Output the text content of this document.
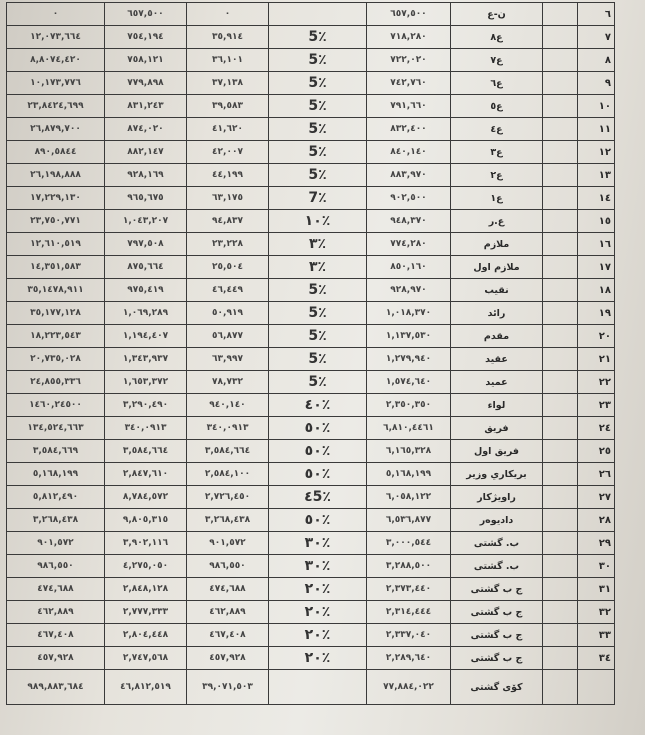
٠	٦٥٧,٥٠٠	٠		٦٥٧,٥٠٠	ن-ع		٦
١٢,٠٧٣,٦٦٤	٧٥٤,١٩٤	٣٥,٩١٤	5٪	٧١٨,٢٨٠	ع٨		٧
٨,٨٠٧٤,٤٢٠	٧٥٨,١٢١	٣٦,١٠١	5٪	٧٢٢,٠٢٠	ع٧		٨
١٠,١٧٣,٧٧٦	٧٧٩,٨٩٨	٣٧,١٣٨	5٪	٧٤٢,٧٦٠	ع٦		٩
٢٣,٨٤٢٤,٦٩٩	٨٣١,٢٤٣	٣٩,٥٨٣	5٪	٧٩١,٦٦٠	ع٥		١٠
٢٦,٨٧٩,٧٠٠	٨٧٤,٠٢٠	٤١,٦٢٠	5٪	٨٣٢,٤٠٠	ع٤		١١
٨٩٠,٥٨٤٤	٨٨٢,١٤٧	٤٢,٠٠٧	5٪	٨٤٠,١٤٠	ع٣		١٢
٢٦,١٩٨,٨٨٨	٩٢٨,١٦٩	٤٤,١٩٩	5٪	٨٨٣,٩٧٠	ع٢		١٣
١٧,٢٢٩,١٣٠	٩٦٥,٦٧٥	٦٣,١٧٥	7٪	٩٠٢,٥٠٠	ع١		١٤
٢٣,٧٥٠,٧٧١	١,٠٤٣,٢٠٧	٩٤,٨٣٧	١٠٪	٩٤٨,٣٧٠	ع.ر		١٥
١٢,٦١٠,٥١٩	٧٩٧,٥٠٨	٢٣,٢٢٨	٣٪	٧٧٤,٢٨٠	ملازم		١٦
١٤,٣٥١,٥٨٣	٨٧٥,٦٦٤	٢٥,٥٠٤	٣٪	٨٥٠,١٦٠	ملازم اول		١٧
٣٥,١٤٧٨,٩١١	٩٧٥,٤١٩	٤٦,٤٤٩	5٪	٩٢٨,٩٧٠	نقيب		١٨
٣٥,١٧٧,١٢٨	١,٠٦٩,٢٨٩	٥٠,٩١٩	5٪	١,٠١٨,٣٧٠	رائد		١٩
١٨,٢٢٣,٥٤٣	١,١٩٤,٤٠٧	٥٦,٨٧٧	5٪	١,١٣٧,٥٣٠	مقدم		٢٠
٢٠,٧٣٥,٠٢٨	١,٣٤٣,٩٣٧	٦٣,٩٩٧	5٪	١,٢٧٩,٩٤٠	عقيد		٢١
٢٤,٨٥٥,٣٣٦	١,٦٥٣,٣٧٢	٧٨,٧٣٢	5٪	١,٥٧٤,٦٤٠	عميد		٢٢
١٤٦٠,٢٤٥٠٠	٣,٢٩٠,٤٩٠	٩٤٠,١٤٠	٤٠٪	٢,٣٥٠,٣٥٠	لواء		٢٣
١٣٤,٥٢٤,٦٦٣	٣٤٠,٠٩١٣	٣٤٠,٠٩١٣	٥٠٪	٦,٨١٠,٤٤٦١	فريق		٢٤
٣,٥٨٤,٦٦٩	٣,٥٨٤,٦٦٤	٣,٥٨٤,٦٦٤	٥٠٪	٦,١٦٥,٣٢٨	فريق اول		٢٥
٥,١٦٨,١٩٩	٢,٨٤٧,٦١٠	٢,٥٨٤,١٠٠	٥٠٪	٥,١٦٨,١٩٩	بريكاري وزير		٢٦
٥,٨١٢,٤٩٠	٨,٧٨٤,٥٧٢	٢,٧٢٦,٤٥٠	٤5٪	٦,٠٥٨,١٢٢	راويژكار		٢٧
٣,٢٦٨,٤٣٨	٩,٨٠٥,٣١٥	٣,٢٦٨,٤٣٨	٥٠٪	٦,٥٣٦,٨٧٧	داديوەر		٢٨
٩٠١,٥٧٢	٣,٩٠٢,١١٦	٩٠١,٥٧٢	٣٠٪	٣,٠٠٠,٥٤٤	ب. گشتی		٢٩
٩٨٦,٥٥٠	٤,٢٧٥,٠٥٠	٩٨٦,٥٥٠	٣٠٪	٣,٢٨٨,٥٠٠	ب. گشتی		٣٠
٤٧٤,٦٨٨	٢,٨٤٨,١٢٨	٤٧٤,٦٨٨	٢٠٪	٢,٣٧٣,٤٤٠	ج ب گشتی		٣١
٤٦٢,٨٨٩	٢,٧٧٧,٣٣٣	٤٦٢,٨٨٩	٢٠٪	٢,٣١٤,٤٤٤	ج ب گشتی		٣٢
٤٦٧,٤٠٨	٢,٨٠٤,٤٤٨	٤٦٧,٤٠٨	٢٠٪	٢,٣٣٧,٠٤٠	ج ب گشتی		٣٣
٤٥٧,٩٢٨	٢,٧٤٧,٥٦٨	٤٥٧,٩٢٨	٢٠٪	٢,٢٨٩,٦٤٠	ج ب گشتی		٣٤
٩٨٩,٨٨٣,٦٨٤	٤٦,٨١٢,٥١٩	٣٩,٠٧١,٥٠٣		٧٧,٨٨٤,٠٢٢	کۆی گشتی		
